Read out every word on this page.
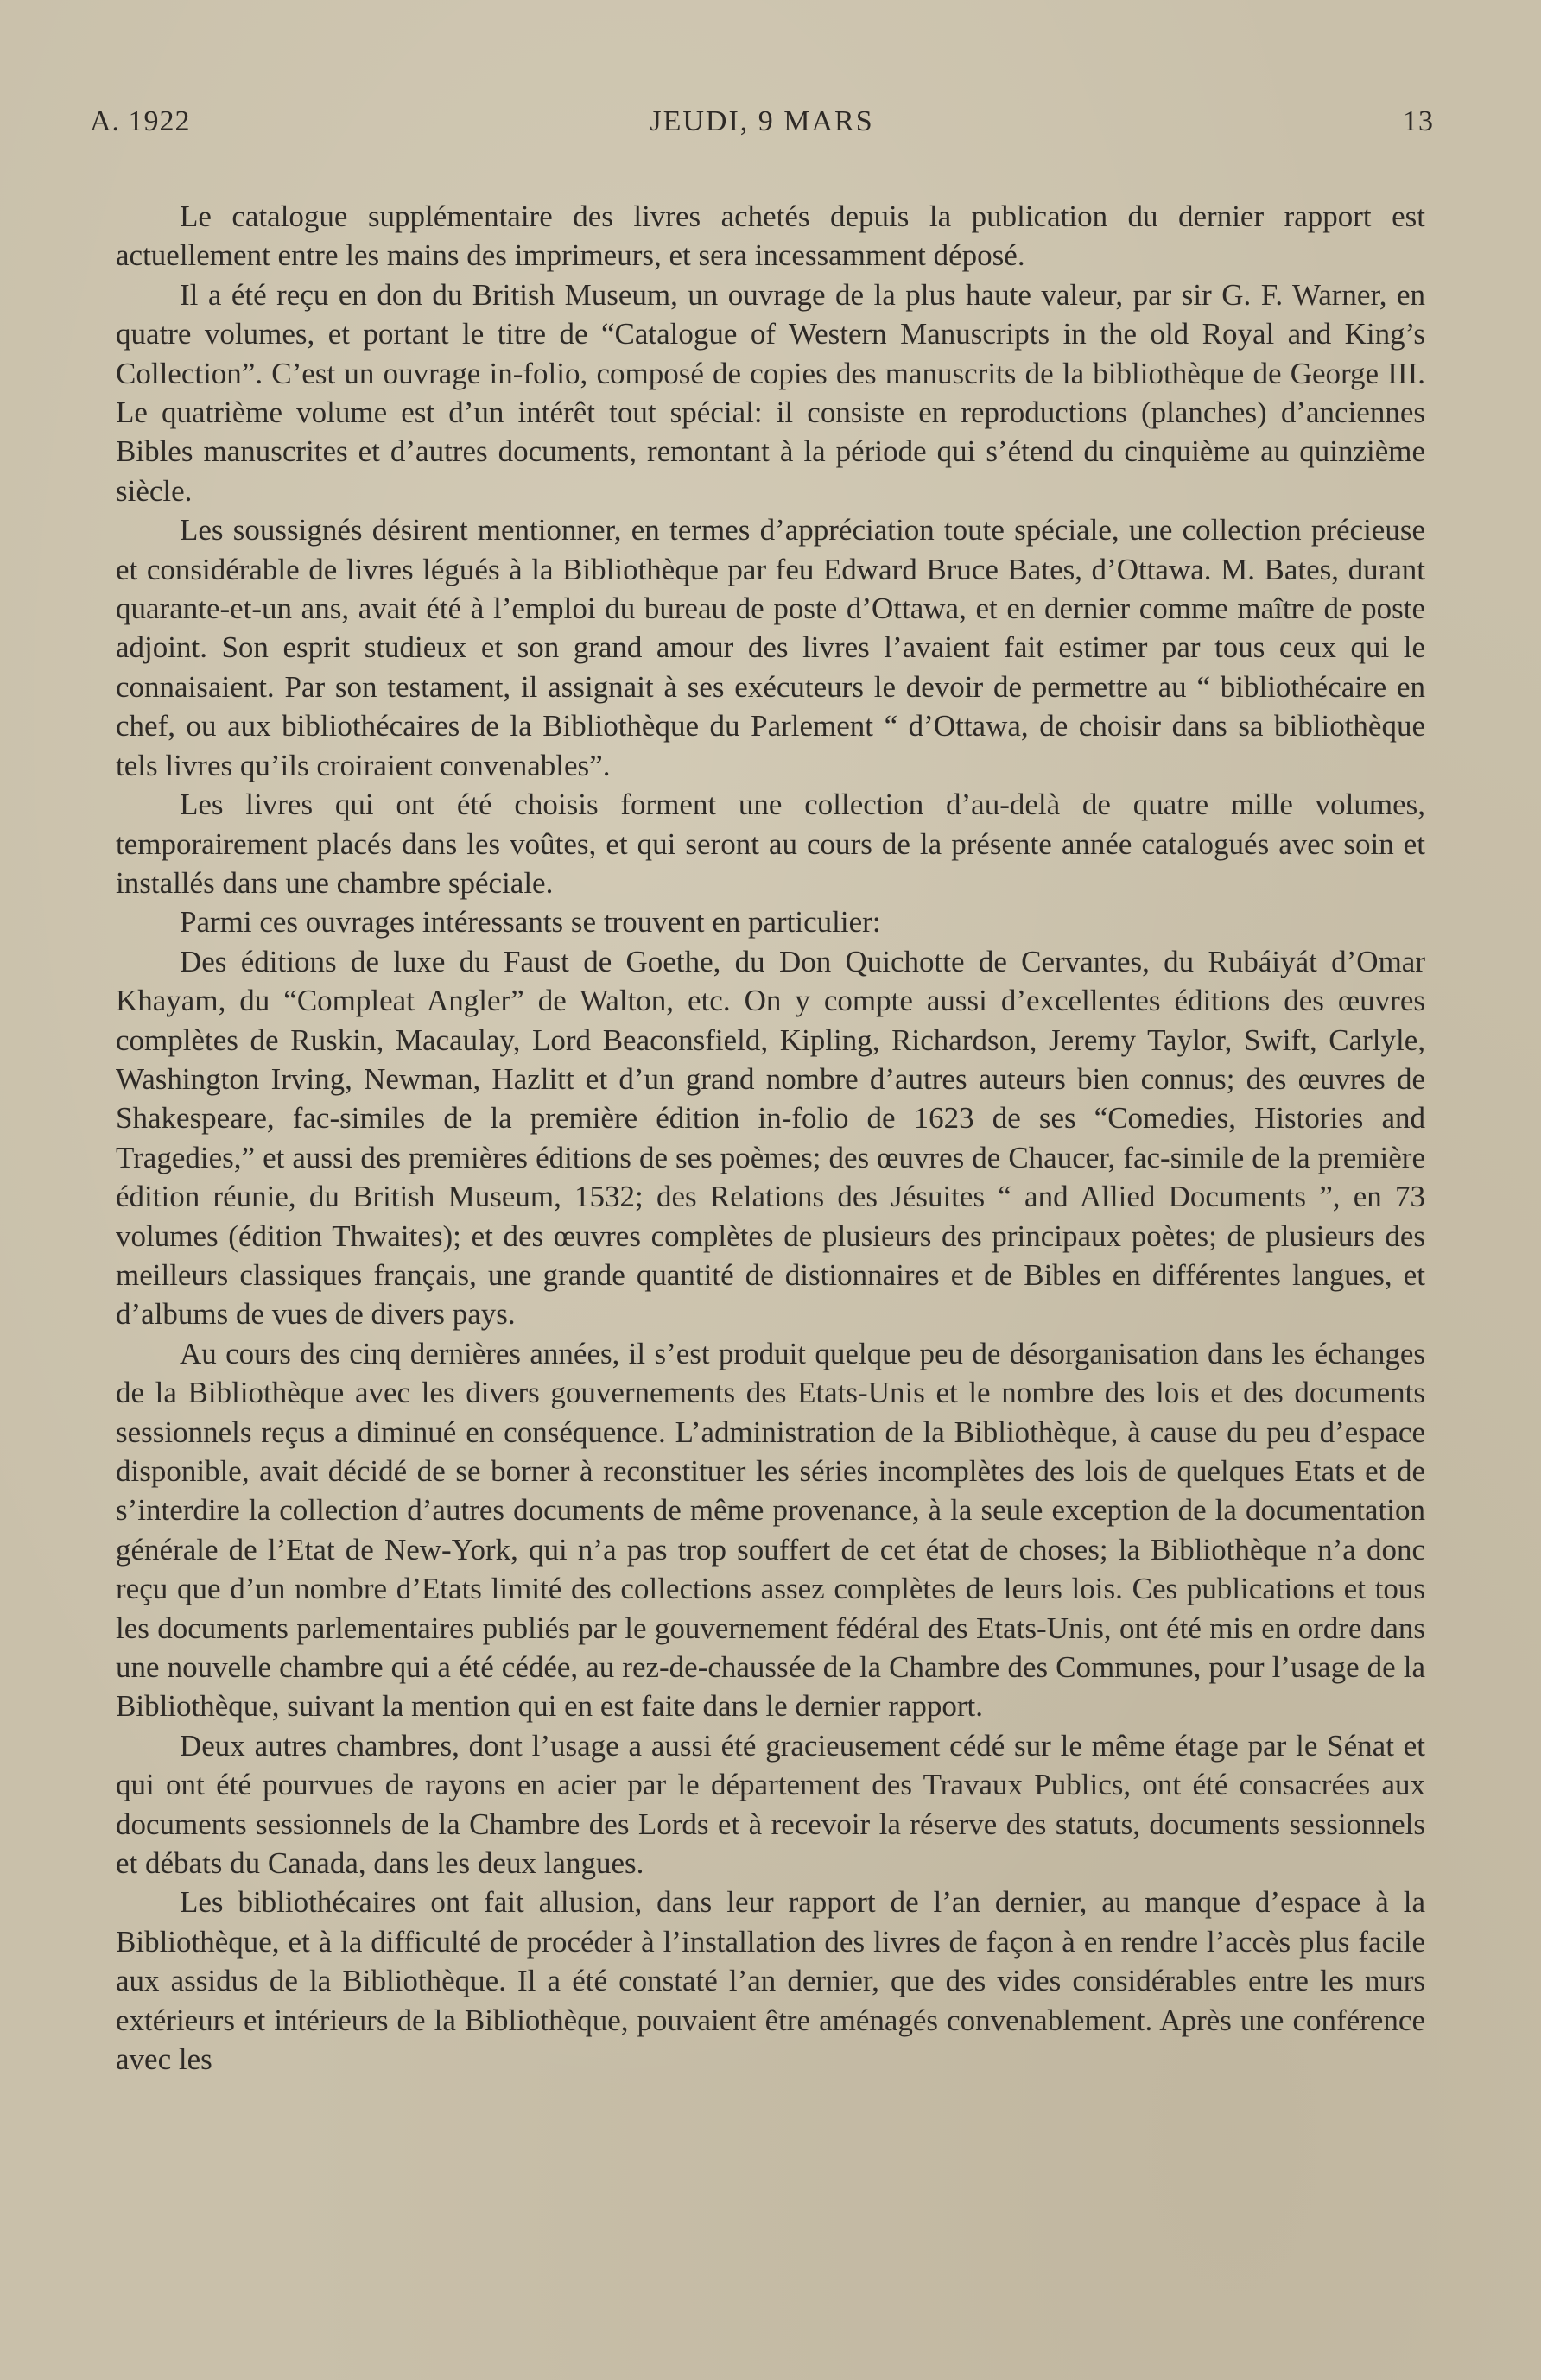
A. 1922	JEUDI, 9 MARS	13

Le catalogue supplémentaire des livres achetés depuis la publication du dernier rapport est actuellement entre les mains des imprimeurs, et sera incessamment déposé.

Il a été reçu en don du British Museum, un ouvrage de la plus haute valeur, par sir G. F. Warner, en quatre volumes, et portant le titre de “Catalogue of Western Manuscripts in the old Royal and King’s Collection”. C’est un ouvrage in-folio, composé de copies des manuscrits de la bibliothèque de George III. Le quatrième volume est d’un intérêt tout spécial: il consiste en reproductions (planches) d’anciennes Bibles manuscrites et d’autres documents, remontant à la période qui s’étend du cinquième au quinzième siècle.

Les soussignés désirent mentionner, en termes d’appréciation toute spéciale, une collection précieuse et considérable de livres légués à la Bibliothèque par feu Edward Bruce Bates, d’Ottawa. M. Bates, durant quarante-et-un ans, avait été à l’emploi du bureau de poste d’Ottawa, et en dernier comme maître de poste adjoint. Son esprit studieux et son grand amour des livres l’avaient fait estimer par tous ceux qui le connaisaient. Par son testament, il assignait à ses exécuteurs le devoir de permettre au “ bibliothécaire en chef, ou aux bibliothécaires de la Bibliothèque du Parlement “ d’Ottawa, de choisir dans sa bibliothèque tels livres qu’ils croiraient convenables”.

Les livres qui ont été choisis forment une collection d’au-delà de quatre mille volumes, temporairement placés dans les voûtes, et qui seront au cours de la présente année catalogués avec soin et installés dans une chambre spéciale.

Parmi ces ouvrages intéressants se trouvent en particulier:

Des éditions de luxe du Faust de Goethe, du Don Quichotte de Cervantes, du Rubáiyát d’Omar Khayam, du “Compleat Angler” de Walton, etc. On y compte aussi d’excellentes éditions des œuvres complètes de Ruskin, Macaulay, Lord Beaconsfield, Kipling, Richardson, Jeremy Taylor, Swift, Carlyle, Washington Irving, Newman, Hazlitt et d’un grand nombre d’autres auteurs bien connus; des œuvres de Shakespeare, fac-similes de la première édition in-folio de 1623 de ses “Comedies, Histories and Tragedies,” et aussi des premières éditions de ses poèmes; des œuvres de Chaucer, fac-simile de la première édition réunie, du British Museum, 1532; des Relations des Jésuites “ and Allied Documents ”, en 73 volumes (édition Thwaites); et des œuvres complètes de plusieurs des principaux poètes; de plusieurs des meilleurs classiques français, une grande quantité de distionnaires et de Bibles en différentes langues, et d’albums de vues de divers pays.

Au cours des cinq dernières années, il s’est produit quelque peu de désorganisation dans les échanges de la Bibliothèque avec les divers gouvernements des Etats-Unis et le nombre des lois et des documents sessionnels reçus a diminué en conséquence. L’administration de la Bibliothèque, à cause du peu d’espace disponible, avait décidé de se borner à reconstituer les séries incomplètes des lois de quelques Etats et de s’interdire la collection d’autres documents de même provenance, à la seule exception de la documentation générale de l’Etat de New-York, qui n’a pas trop souffert de cet état de choses; la Bibliothèque n’a donc reçu que d’un nombre d’Etats limité des collections assez complètes de leurs lois. Ces publications et tous les documents parlementaires publiés par le gouvernement fédéral des Etats-Unis, ont été mis en ordre dans une nouvelle chambre qui a été cédée, au rez-de-chaussée de la Chambre des Communes, pour l’usage de la Bibliothèque, suivant la mention qui en est faite dans le dernier rapport.

Deux autres chambres, dont l’usage a aussi été gracieusement cédé sur le même étage par le Sénat et qui ont été pourvues de rayons en acier par le département des Travaux Publics, ont été consacrées aux documents sessionnels de la Chambre des Lords et à recevoir la réserve des statuts, documents sessionnels et débats du Canada, dans les deux langues.

Les bibliothécaires ont fait allusion, dans leur rapport de l’an dernier, au manque d’espace à la Bibliothèque, et à la difficulté de procéder à l’installation des livres de façon à en rendre l’accès plus facile aux assidus de la Bibliothèque. Il a été constaté l’an dernier, que des vides considérables entre les murs extérieurs et intérieurs de la Bibliothèque, pouvaient être aménagés convenablement. Après une conférence avec les
